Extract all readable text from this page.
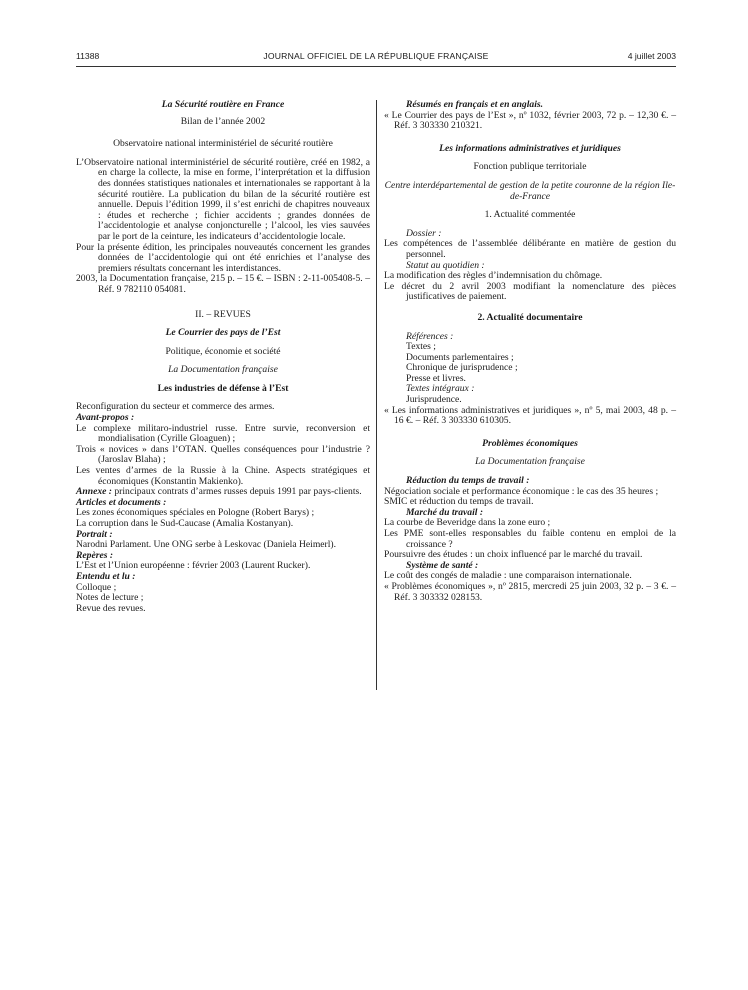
11388	JOURNAL OFFICIEL DE LA RÉPUBLIQUE FRANÇAISE	4 juillet 2003

La Sécurité routière en France

Bilan de l’année 2002

Observatoire national interministériel de sécurité routière

L’Observatoire national interministériel de sécurité routière, créé en 1982, a en charge la collecte, la mise en forme, l’interprétation et la diffusion des données statistiques nationales et internationales se rapportant à la sécurité routière. La publication du bilan de la sécurité routière est annuelle. Depuis l’édition 1999, il s’est enrichi de chapitres nouveaux : études et recherche ; fichier accidents ; grandes données de l’accidentologie et analyse conjoncturelle ; l’alcool, les vies sauvées par le port de la ceinture, les indicateurs d’accidentologie locale.

Pour la présente édition, les principales nouveautés concernent les grandes données de l’accidentologie qui ont été enrichies et l’analyse des premiers résultats concernant les interdistances.

2003, la Documentation française, 215 p. – 15 €. – ISBN : 2-11-005408-5. – Réf. 9 782110 054081.

II. – REVUES

Le Courrier des pays de l’Est

Politique, économie et société

La Documentation française

Les industries de défense à l’Est

Reconfiguration du secteur et commerce des armes.

Avant-propos :

Le complexe militaro-industriel russe. Entre survie, reconversion et mondialisation (Cyrille Gloaguen) ;

Trois « novices » dans l’OTAN. Quelles conséquences pour l’industrie ? (Jaroslav Blaha) ;

Les ventes d’armes de la Russie à la Chine. Aspects stratégiques et économiques (Konstantin Makienko).

Annexe : principaux contrats d’armes russes depuis 1991 par pays-clients.

Articles et documents :

Les zones économiques spéciales en Pologne (Robert Barys) ;

La corruption dans le Sud-Caucase (Amalia Kostanyan).

Portrait :

Narodni Parlament. Une ONG serbe à Leskovac (Daniela Heimerl).

Repères :

L’Est et l’Union européenne : février 2003 (Laurent Rucker).

Entendu et lu :

Colloque ;

Notes de lecture ;

Revue des revues.

Résumés en français et en anglais.

« Le Courrier des pays de l’Est », nº 1032, février 2003, 72 p. – 12,30 €. – Réf. 3 303330 210321.

Les informations administratives et juridiques

Fonction publique territoriale

Centre interdépartemental de gestion de la petite couronne de la région Ile-de-France

1. Actualité commentée

Dossier :

Les compétences de l’assemblée délibérante en matière de gestion du personnel.

Statut au quotidien :

La modification des règles d’indemnisation du chômage.

Le décret du 2 avril 2003 modifiant la nomenclature des pièces justificatives de paiement.

2. Actualité documentaire

Références :

Textes ;

Documents parlementaires ;

Chronique de jurisprudence ;

Presse et livres.

Textes intégraux :

Jurisprudence.

« Les informations administratives et juridiques », nº 5, mai 2003, 48 p. – 16 €. – Réf. 3 303330 610305.

Problèmes économiques

La Documentation française

Réduction du temps de travail :

Négociation sociale et performance économique : le cas des 35 heures ;

SMIC et réduction du temps de travail.

Marché du travail :

La courbe de Beveridge dans la zone euro ;

Les PME sont-elles responsables du faible contenu en emploi de la croissance ?

Poursuivre des études : un choix influencé par le marché du travail.

Système de santé :

Le coût des congés de maladie : une comparaison internationale.

« Problèmes économiques », nº 2815, mercredi 25 juin 2003, 32 p. – 3 €. – Réf. 3 303332 028153.
